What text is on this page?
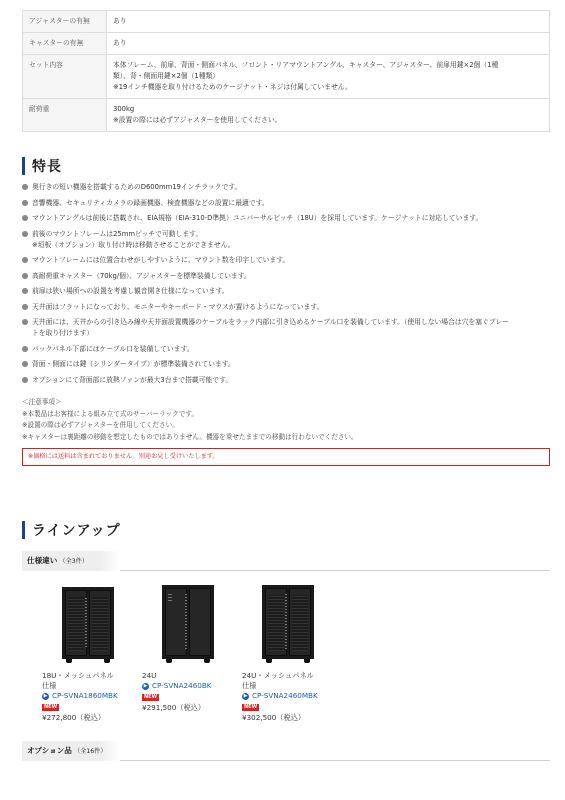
アジャスターの有無	あり

キャスターの有無	あり

セット内容	本体フレーム、前扉、背面・側面パネル、フロント・リアマウントアングル、キャスター、アジャスター、前扉用鍵×2個（1種
類）、背・側面用鍵×2個（1種類）
※19インチ機器を取り付けるためのケージナット・ネジは付属していません。

耐荷重	300kg
※設置の際には必ずアジャスターを使用してください。
特長
奥行きの短い機器を搭載するためのD600mm19インチラックです。
音響機器、セキュリティカメラの録画機器、検査機器などの設置に最適です。
マウントアングルは前後に搭載され、EIA規格（EIA-310-D準拠）ユニバーサルピッチ（18U）を採用しています。ケージナットに対応しています。
前後のマウントフレームは25mmピッチで可動します。
※垣板（オプション）取り付け時は移動させることができません。
マウントフレームには位置合わせがしやすいように、マウント数を印字しています。
高耐荷重キャスター（70kg/個）、アジャスターを標準装備しています。
前扉は狭い場所への設置を考慮し観音開き仕様になっています。
天井面はフラットになっており、モニターやキーボード・マウスが置けるようになっています。
天井面には、天井からの引き込み線や天井面設置機器のケーブルをラック内部に引き込めるケーブル口を装備しています。（使用しない場合は穴を塞ぐプレー
トを取り付けます）
バックパネル下部にはケーブル口を装備しています。
背面・側面には鍵（シリンダータイプ）が標準装備されています。
オプションにて背面部に放熱ファンが最大3台まで搭載可能です。
＜注意事項＞
※本製品はお客様による組み立て式のサーバーラックです。
※設置の際は必ずアジャスターを併用してください。
※キャスターは裏距離の移動を想定したものではありません。機器を乗せたままでの移動は行わないでください。
※価格には送料は含まれておりません。別途お見し受けいたします。
ラインアップ
仕様違い （全3件）
18U・メッシュパネル
仕様
▶ CP-SVNA1860MBK
NEW
¥272,800（税込）
24U
▶ CP-SVNA2460BK
NEW
¥291,500（税込）
24U・メッシュパネル
仕様
▶ CP-SVNA2460MBK
NEW
¥302,500（税込）
オプション品 （全16件）
